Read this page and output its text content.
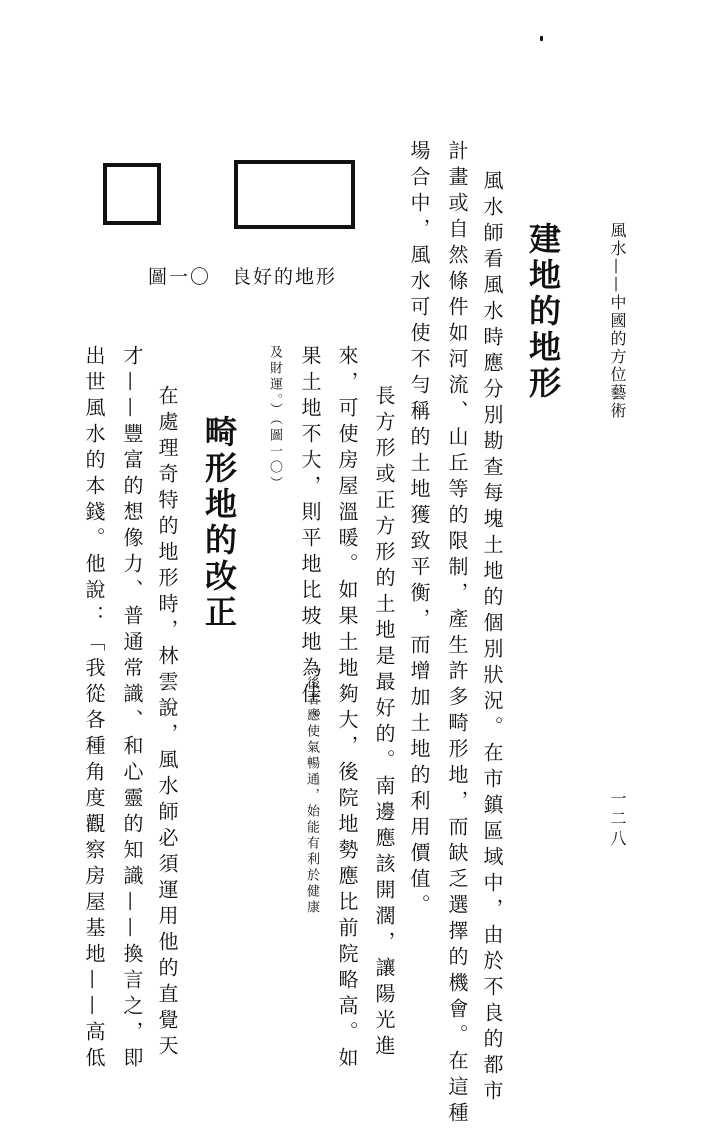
風水——中國的方位藝術
一二八
建地的地形
風水師看風水時應分別勘查每塊土地的個別狀況。在市鎮區域中，由於不良的都市
計畫或自然條件如河流、山丘等的限制，產生許多畸形地，而缺乏選擇的機會。在這種
場合中，風水可使不勻稱的土地獲致平衡，而增加土地的利用價值。
長方形或正方形的土地是最好的。南邊應該開濶，讓陽光進
來，可使房屋溫暖。如果土地夠大，後院地勢應比前院略高。如
果土地不大，則平地比坡地為佳。
（後者應使氣暢通，始能有利於健康
及財運。）（圖一〇）
圖一〇　良好的地形
畸形地的改正
在處理奇特的地形時，林雲說，風水師必須運用他的直覺天
才——豐富的想像力、普通常識、和心靈的知識——換言之，即
出世風水的本錢。他說：「我從各種角度觀察房屋基地——高低
